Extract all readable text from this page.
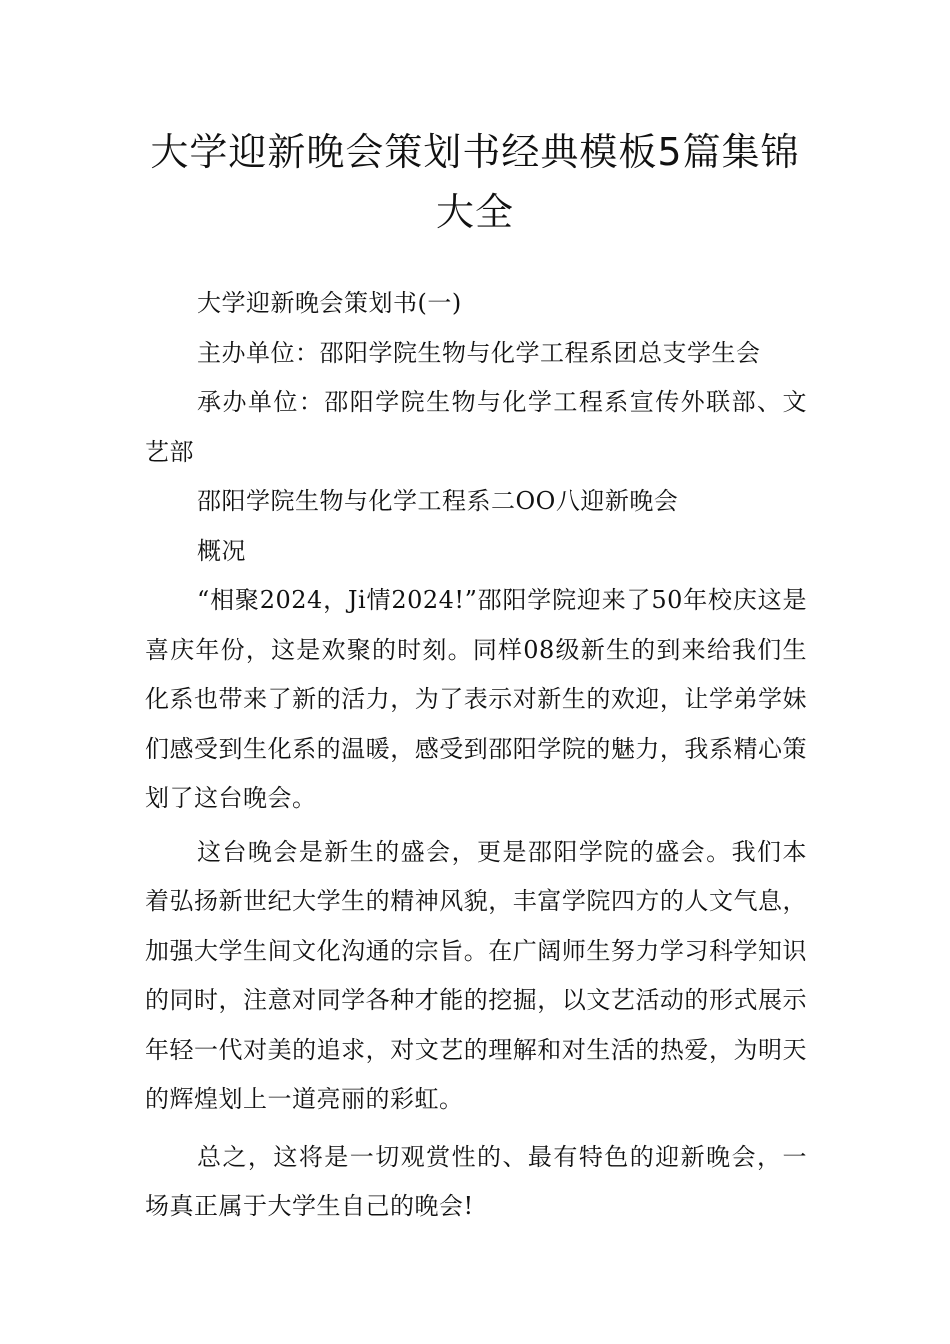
大学迎新晚会策划书经典模板5篇集锦
大全

大学迎新晚会策划书(一)

主办单位：邵阳学院生物与化学工程系团总支学生会

承办单位：邵阳学院生物与化学工程系宣传外联部、文艺部

邵阳学院生物与化学工程系二OO八迎新晚会

概况

“相聚2024，Ji情2024!”邵阳学院迎来了50年校庆这是喜庆年份，这是欢聚的时刻。同样08级新生的到来给我们生化系也带来了新的活力，为了表示对新生的欢迎，让学弟学妹们感受到生化系的温暖，感受到邵阳学院的魅力，我系精心策划了这台晚会。

这台晚会是新生的盛会，更是邵阳学院的盛会。我们本着弘扬新世纪大学生的精神风貌，丰富学院四方的人文气息，加强大学生间文化沟通的宗旨。在广阔师生努力学习科学知识的同时，注意对同学各种才能的挖掘，以文艺活动的形式展示年轻一代对美的追求，对文艺的理解和对生活的热爱，为明天的辉煌划上一道亮丽的彩虹。

总之，这将是一切观赏性的、最有特色的迎新晚会，一场真正属于大学生自己的晚会!
